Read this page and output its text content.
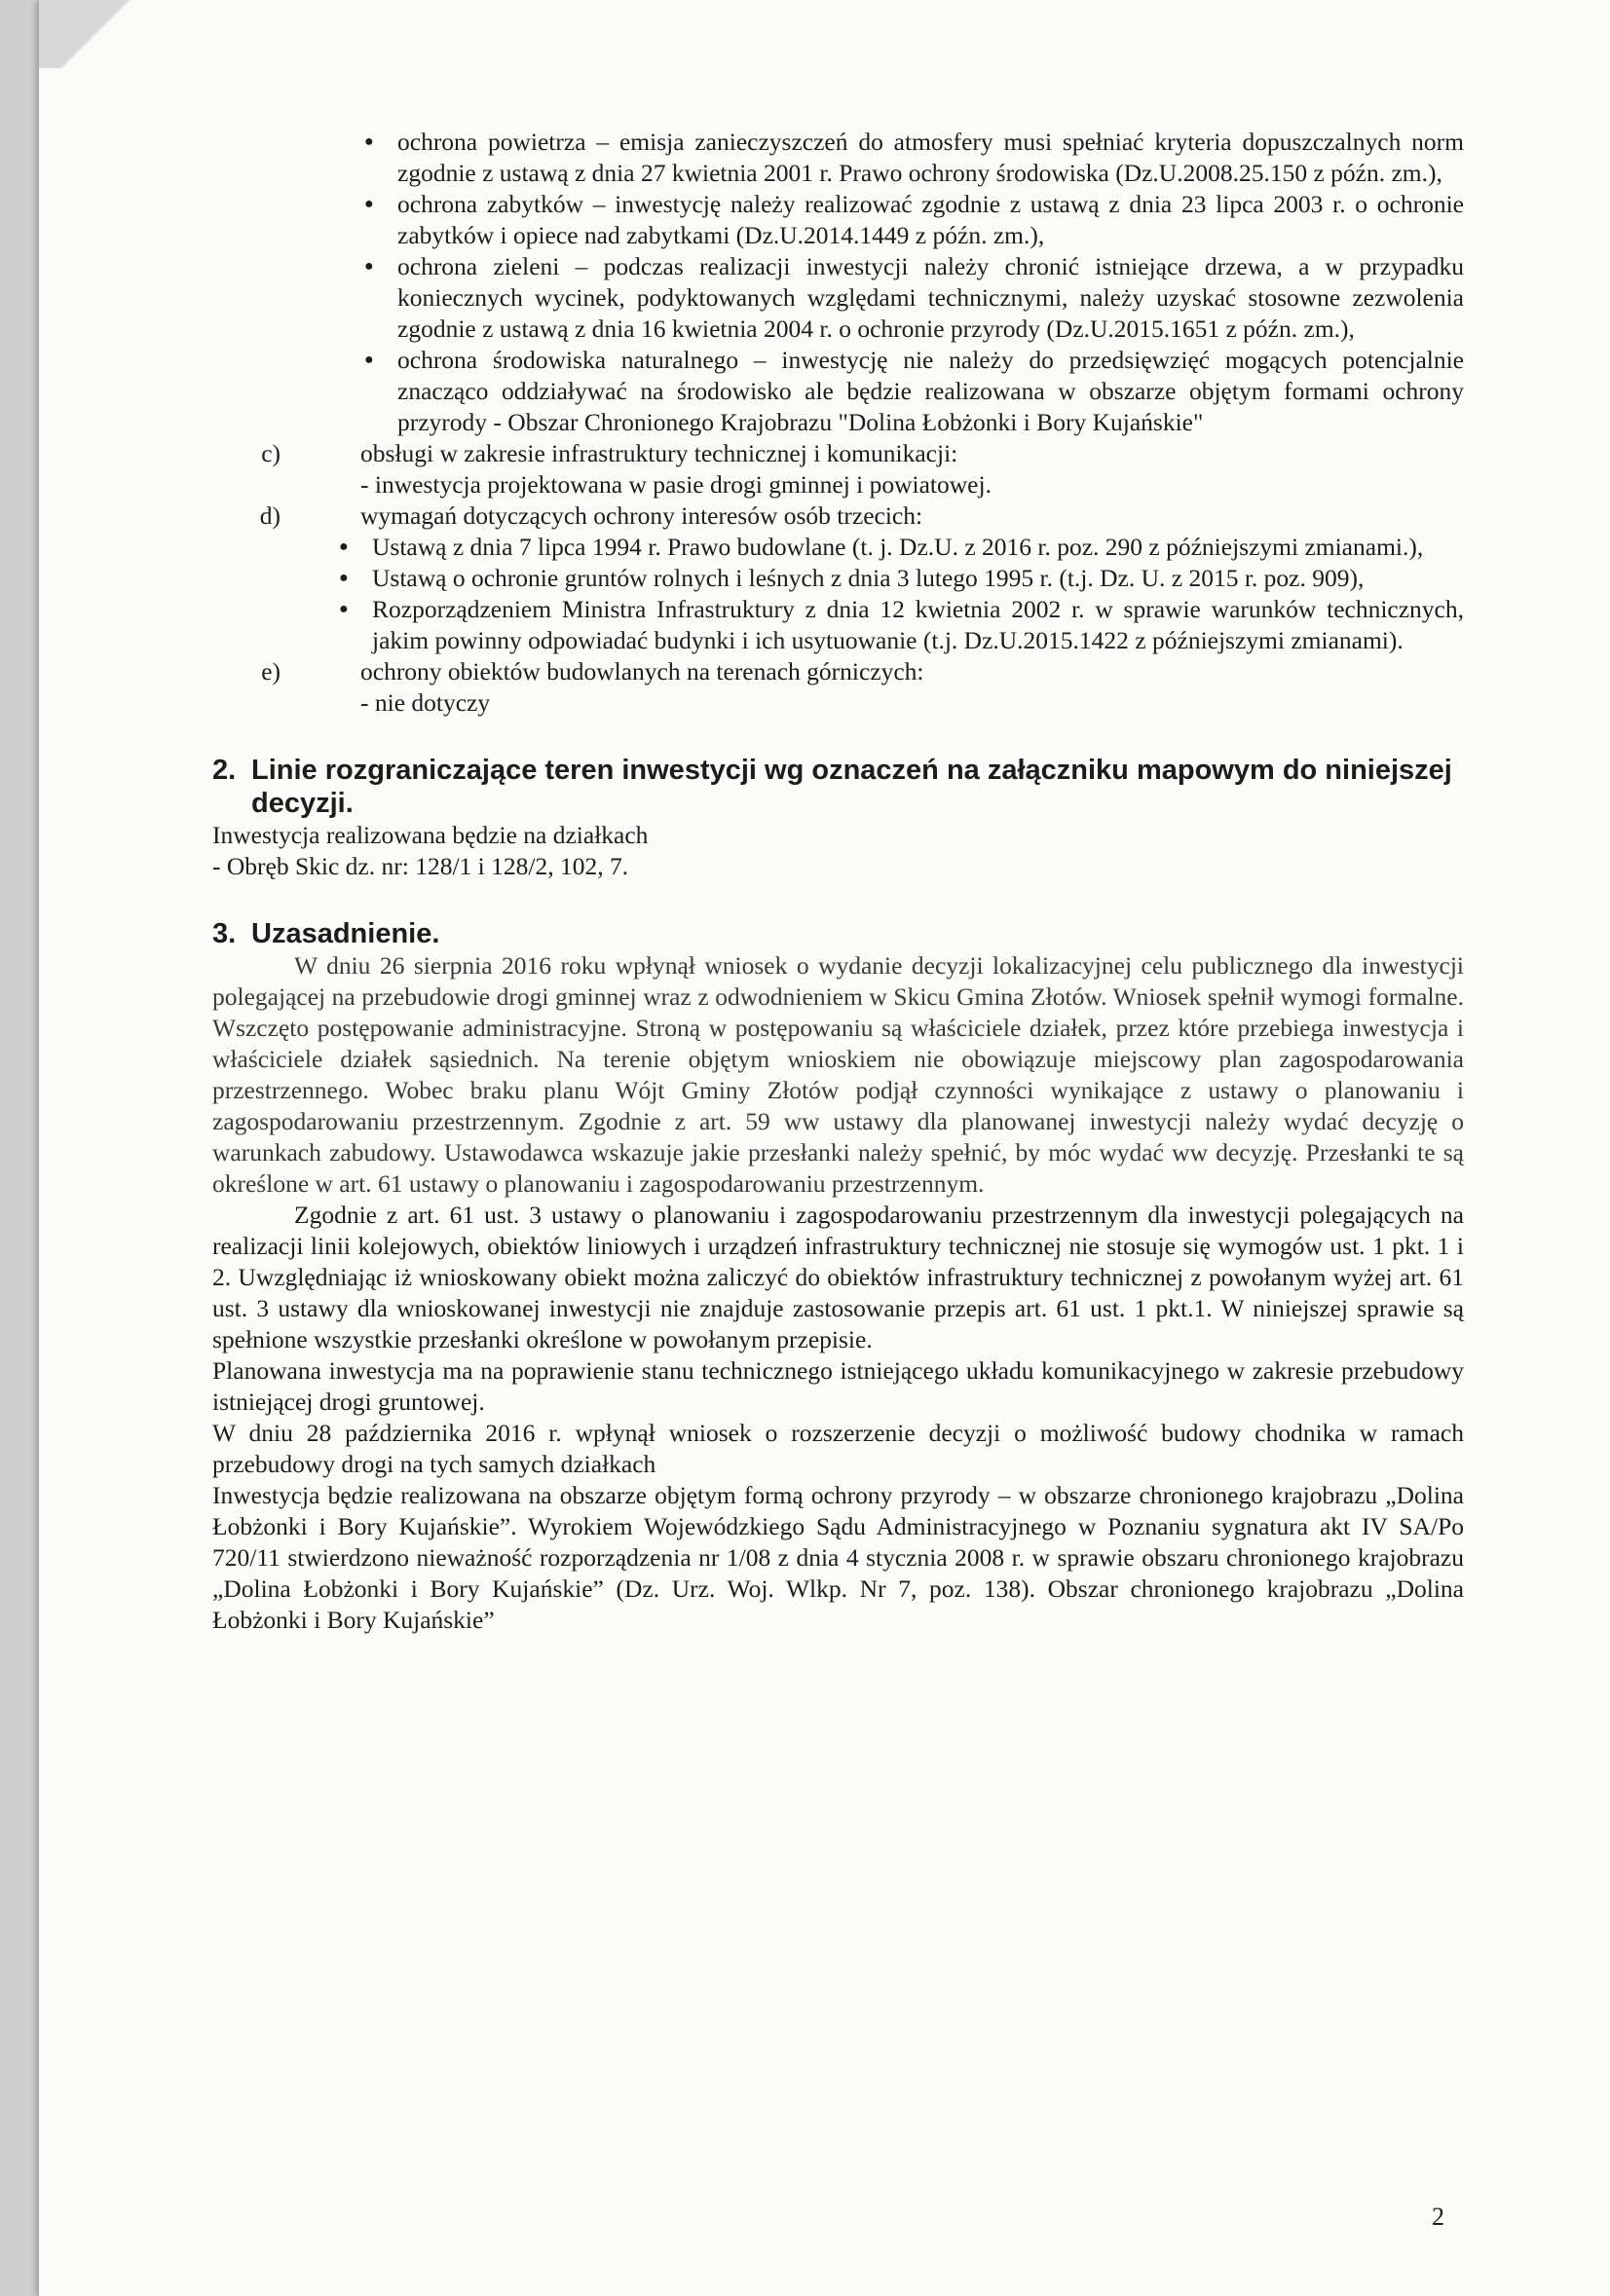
● ochrona powietrza – emisja zanieczyszczeń do atmosfery musi spełniać kryteria dopuszczalnych norm zgodnie z ustawą z dnia 27 kwietnia 2001 r. Prawo ochrony środowiska (Dz.U.2008.25.150 z późn. zm.),
● ochrona zabytków – inwestycję należy realizować zgodnie z ustawą z dnia 23 lipca 2003 r. o ochronie zabytków i opiece nad zabytkami (Dz.U.2014.1449 z późn. zm.),
● ochrona zieleni – podczas realizacji inwestycji należy chronić istniejące drzewa, a w przypadku koniecznych wycinek, podyktowanych względami technicznymi, należy uzyskać stosowne zezwolenia zgodnie z ustawą z dnia 16 kwietnia 2004 r. o ochronie przyrody (Dz.U.2015.1651 z późn. zm.),
● ochrona środowiska naturalnego – inwestycję nie należy do przedsięwzięć mogących potencjalnie znacząco oddziaływać na środowisko ale będzie realizowana w obszarze objętym formami ochrony przyrody - Obszar Chronionego Krajobrazu "Dolina Łobżonki i Bory Kujańskie"
c)	obsługi w zakresie infrastruktury technicznej i komunikacji:
- inwestycja projektowana w pasie drogi gminnej i powiatowej.
d)	wymagań dotyczących ochrony interesów osób trzecich:
● Ustawą z dnia 7 lipca 1994 r. Prawo budowlane (t. j. Dz.U. z 2016 r. poz. 290 z późniejszymi zmianami.),
● Ustawą o ochronie gruntów rolnych i leśnych z dnia 3 lutego 1995 r. (t.j. Dz. U. z 2015 r. poz. 909),
● Rozporządzeniem Ministra Infrastruktury z dnia 12 kwietnia 2002 r. w sprawie warunków technicznych, jakim powinny odpowiadać budynki i ich usytuowanie (t.j. Dz.U.2015.1422 z późniejszymi zmianami).
e)	ochrony obiektów budowlanych na terenach górniczych:
- nie dotyczy
2. Linie rozgraniczające teren inwestycji wg oznaczeń na załączniku mapowym do niniejszej decyzji.

Inwestycja realizowana będzie na działkach

- Obręb Skic dz. nr: 128/1 i 128/2, 102, 7.

3. Uzasadnienie.

W dniu 26 sierpnia 2016 roku wpłynął wniosek o wydanie decyzji lokalizacyjnej celu publicznego dla inwestycji polegającej na przebudowie drogi gminnej wraz z odwodnieniem w Skicu Gmina Złotów. Wniosek spełnił wymogi formalne. Wszczęto postępowanie administracyjne. Stroną w postępowaniu są właściciele działek, przez które przebiega inwestycja i właściciele działek sąsiednich. Na terenie objętym wnioskiem nie obowiązuje miejscowy plan zagospodarowania przestrzennego. Wobec braku planu Wójt Gminy Złotów podjął czynności wynikające z ustawy o planowaniu i zagospodarowaniu przestrzennym. Zgodnie z art. 59 ww ustawy dla planowanej inwestycji należy wydać decyzję o warunkach zabudowy. Ustawodawca wskazuje jakie przesłanki należy spełnić, by móc wydać ww decyzję. Przesłanki te są określone w art. 61 ustawy o planowaniu i zagospodarowaniu przestrzennym.

Zgodnie z art. 61 ust. 3 ustawy o planowaniu i zagospodarowaniu przestrzennym dla inwestycji polegających na realizacji linii kolejowych, obiektów liniowych i urządzeń infrastruktury technicznej nie stosuje się wymogów ust. 1 pkt. 1 i 2. Uwzględniając iż wnioskowany obiekt można zaliczyć do obiektów infrastruktury technicznej z powołanym wyżej art. 61 ust. 3 ustawy dla wnioskowanej inwestycji nie znajduje zastosowanie przepis art. 61 ust. 1 pkt.1. W niniejszej sprawie są spełnione wszystkie przesłanki określone w powołanym przepisie.

Planowana inwestycja ma na poprawienie stanu technicznego istniejącego układu komunikacyjnego w zakresie przebudowy istniejącej drogi gruntowej.

W dniu 28 października 2016 r. wpłynął wniosek o rozszerzenie decyzji o możliwość budowy chodnika w ramach przebudowy drogi na tych samych działkach

Inwestycja będzie realizowana na obszarze objętym formą ochrony przyrody – w obszarze chronionego krajobrazu „Dolina Łobżonki i Bory Kujańskie”. Wyrokiem Wojewódzkiego Sądu Administracyjnego w Poznaniu sygnatura akt IV SA/Po 720/11 stwierdzono nieważność rozporządzenia nr 1/08 z dnia 4 stycznia 2008 r. w sprawie obszaru chronionego krajobrazu „Dolina Łobżonki i Bory Kujańskie” (Dz. Urz. Woj. Wlkp. Nr 7, poz. 138). Obszar chronionego krajobrazu „Dolina Łobżonki i Bory Kujańskie”

2
